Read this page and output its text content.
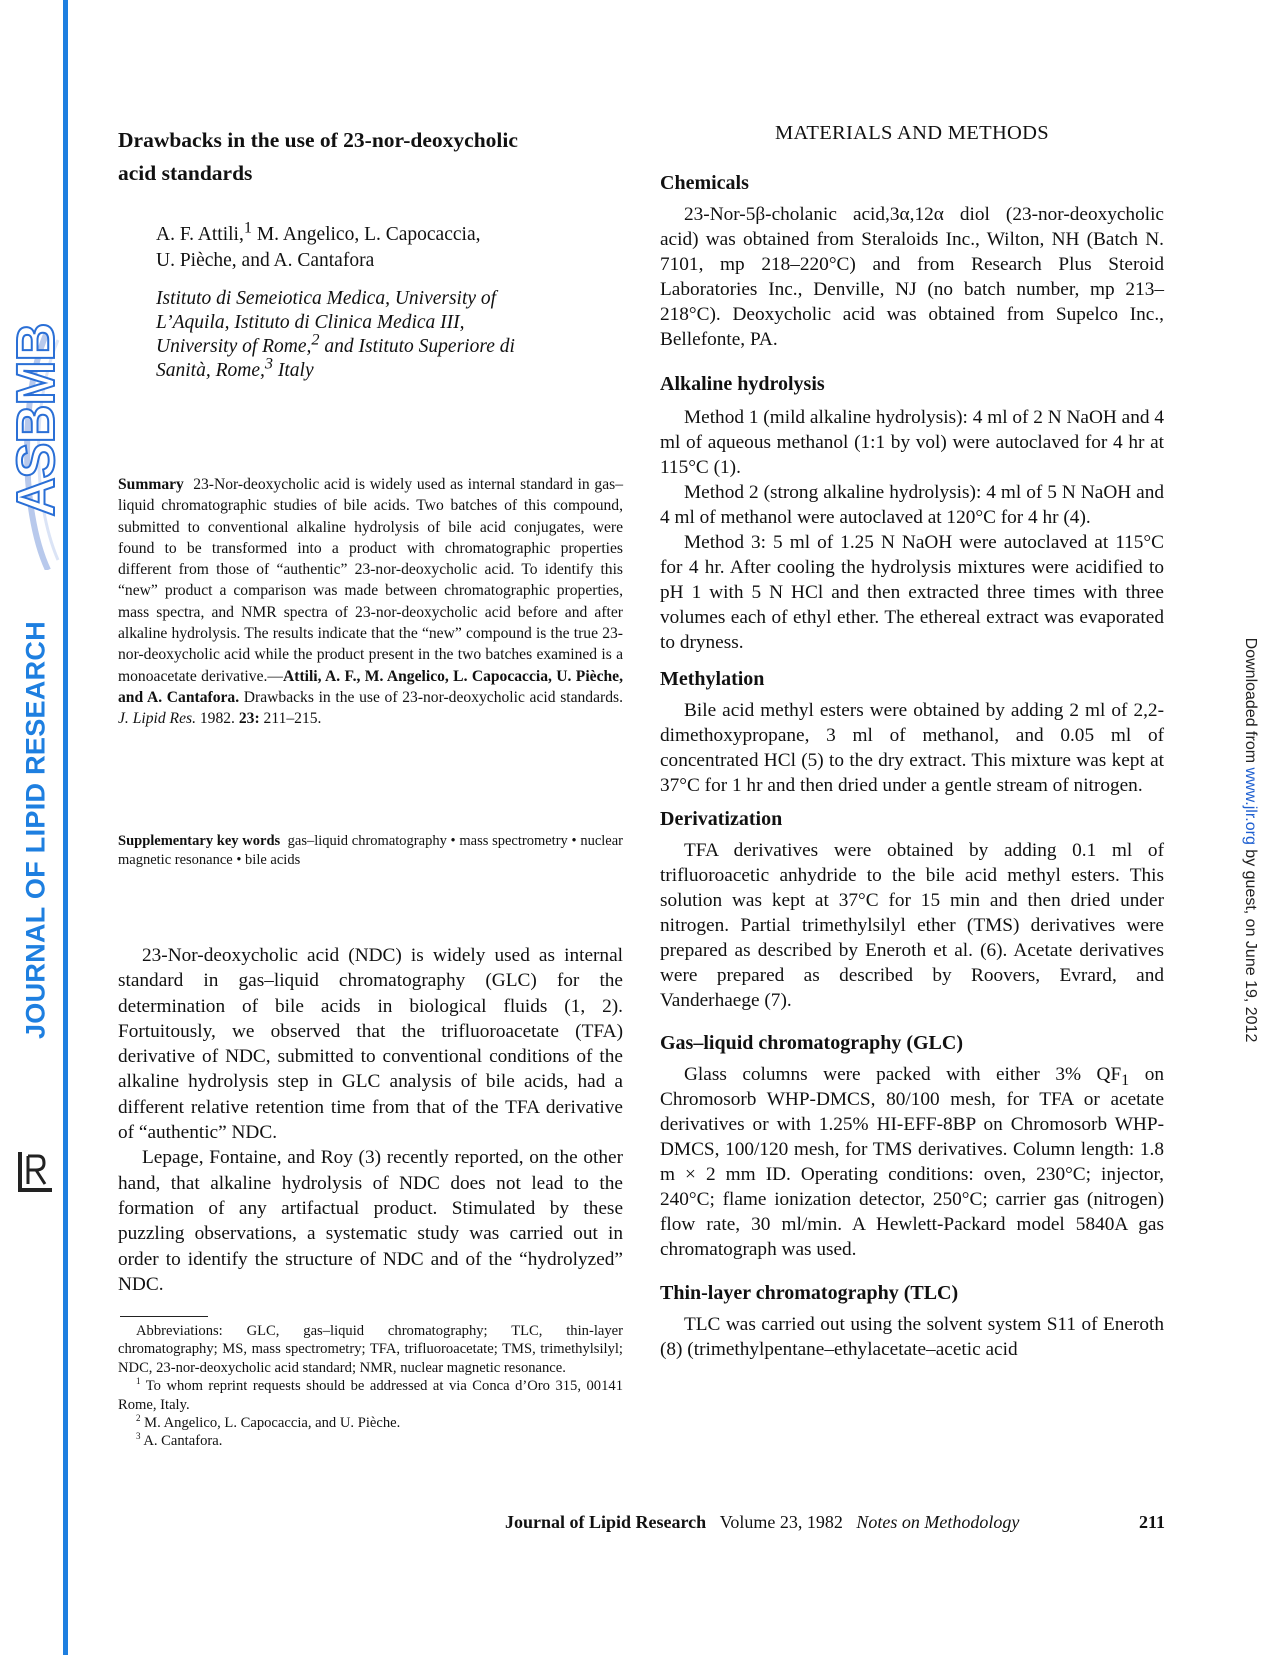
ASBMB
JOURNAL OF LIPID RESEARCH	Downloaded from www.jlr.org by guest, on June 19, 2012
Drawbacks in the use of 23-nor-deoxycholic
acid standards
A. F. Attili,$^1$ M. Angelico, L. Capocaccia,
U. Pièche, and A. Cantafora
Istituto di Semeiotica Medica, University of
L’Aquila, Istituto di Clinica Medica III,
University of Rome,$^2$ and Istituto Superiore di
Sanità, Rome,$^3$ Italy
Summary 23-Nor-deoxycholic acid is widely used as internal standard in gas–liquid chromatographic studies of bile acids. Two batches of this compound, submitted to conventional alkaline hydrolysis of bile acid conjugates, were found to be transformed into a product with chromatographic properties different from those of “authentic” 23-nor-deoxycholic acid. To identify this “new” product a comparison was made between chromatographic properties, mass spectra, and NMR spectra of 23-nor-deoxycholic acid before and after alkaline hydrolysis. The results indicate that the “new” compound is the true 23-nor-deoxycholic acid while the product present in the two batches examined is a monoacetate derivative.—Attili, A. F., M. Angelico, L. Capocaccia, U. Pièche, and A. Cantafora. Drawbacks in the use of 23-nor-deoxycholic acid standards. J. Lipid Res. 1982. 23: 211–215.
Supplementary key words gas–liquid chromatography • mass spectrometry • nuclear magnetic resonance • bile acids

23-Nor-deoxycholic acid (NDC) is widely used as internal standard in gas–liquid chromatography (GLC) for the determination of bile acids in biological fluids (1, 2). Fortuitously, we observed that the trifluoroacetate (TFA) derivative of NDC, submitted to conventional conditions of the alkaline hydrolysis step in GLC analysis of bile acids, had a different relative retention time from that of the TFA derivative of “authentic” NDC.

Lepage, Fontaine, and Roy (3) recently reported, on the other hand, that alkaline hydrolysis of NDC does not lead to the formation of any artifactual product. Stimulated by these puzzling observations, a systematic study was carried out in order to identify the structure of NDC and of the “hydrolyzed” NDC.

Abbreviations: GLC, gas–liquid chromatography; TLC, thin-layer chromatography; MS, mass spectrometry; TFA, trifluoroacetate; TMS, trimethylsilyl; NDC, 23-nor-deoxycholic acid standard; NMR, nuclear magnetic resonance.

$^1$ To whom reprint requests should be addressed at via Conca d’Oro 315, 00141 Rome, Italy.

$^2$ M. Angelico, L. Capocaccia, and U. Pièche.

$^3$ A. Cantafora.

MATERIALS AND METHODS
Chemicals

23-Nor-5β-cholanic acid,3α,12α diol (23-nor-deoxycholic acid) was obtained from Steraloids Inc., Wilton, NH (Batch N. 7101, mp 218–220°C) and from Research Plus Steroid Laboratories Inc., Denville, NJ (no batch number, mp 213–218°C). Deoxycholic acid was obtained from Supelco Inc., Bellefonte, PA.

Alkaline hydrolysis

Method 1 (mild alkaline hydrolysis): 4 ml of 2 N NaOH and 4 ml of aqueous methanol (1:1 by vol) were autoclaved for 4 hr at 115°C (1).

Method 2 (strong alkaline hydrolysis): 4 ml of 5 N NaOH and 4 ml of methanol were autoclaved at 120°C for 4 hr (4).

Method 3: 5 ml of 1.25 N NaOH were autoclaved at 115°C for 4 hr. After cooling the hydrolysis mixtures were acidified to pH 1 with 5 N HCl and then extracted three times with three volumes each of ethyl ether. The ethereal extract was evaporated to dryness.

Methylation

Bile acid methyl esters were obtained by adding 2 ml of 2,2-dimethoxypropane, 3 ml of methanol, and 0.05 ml of concentrated HCl (5) to the dry extract. This mixture was kept at 37°C for 1 hr and then dried under a gentle stream of nitrogen.

Derivatization

TFA derivatives were obtained by adding 0.1 ml of trifluoroacetic anhydride to the bile acid methyl esters. This solution was kept at 37°C for 15 min and then dried under nitrogen. Partial trimethylsilyl ether (TMS) derivatives were prepared as described by Eneroth et al. (6). Acetate derivatives were prepared as described by Roovers, Evrard, and Vanderhaege (7).

Gas–liquid chromatography (GLC)

Glass columns were packed with either 3% $QF_1$ on Chromosorb WHP-DMCS, 80/100 mesh, for TFA or acetate derivatives or with 1.25% HI-EFF-8BP on Chromosorb WHP-DMCS, 100/120 mesh, for TMS derivatives. Column length: 1.8 m × 2 mm ID. Operating conditions: oven, 230°C; injector, 240°C; flame ionization detector, 250°C; carrier gas (nitrogen) flow rate, 30 ml/min. A Hewlett-Packard model 5840A gas chromatograph was used.

Thin-layer chromatography (TLC)

TLC was carried out using the solvent system S11 of Eneroth (8) (trimethylpentane–ethylacetate–acetic acid

Journal of Lipid Research Volume 23, 1982 Notes on Methodology	211
